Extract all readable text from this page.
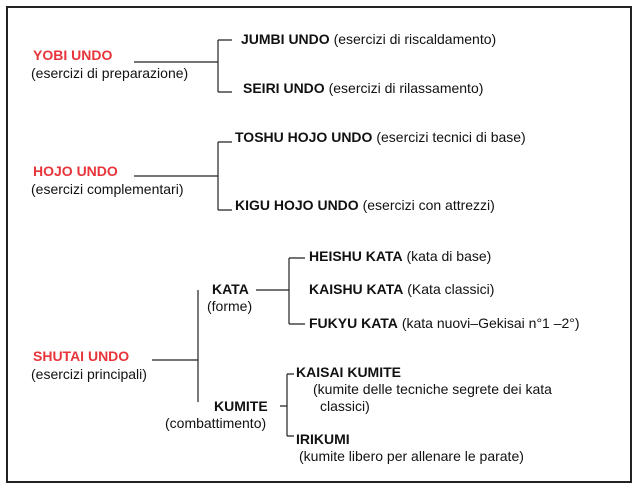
YOBI UNDO
(esercizi di preparazione)
JUMBI UNDO (esercizi di riscaldamento)
SEIRI UNDO (esercizi di rilassamento)
HOJO UNDO
(esercizi complementari)
TOSHU HOJO UNDO (esercizi tecnici di base)
KIGU HOJO UNDO (esercizi con attrezzi)
SHUTAI UNDO
(esercizi principali)
KATA
(forme)
HEISHU KATA (kata di base)
KAISHU KATA (Kata classici)
FUKYU KATA (kata nuovi–Gekisai n°1 –2°)
KUMITE
(combattimento)
KAISAI KUMITE
(kumite delle tecniche segrete dei kata
classici)
IRIKUMI
(kumite libero per allenare le parate)
